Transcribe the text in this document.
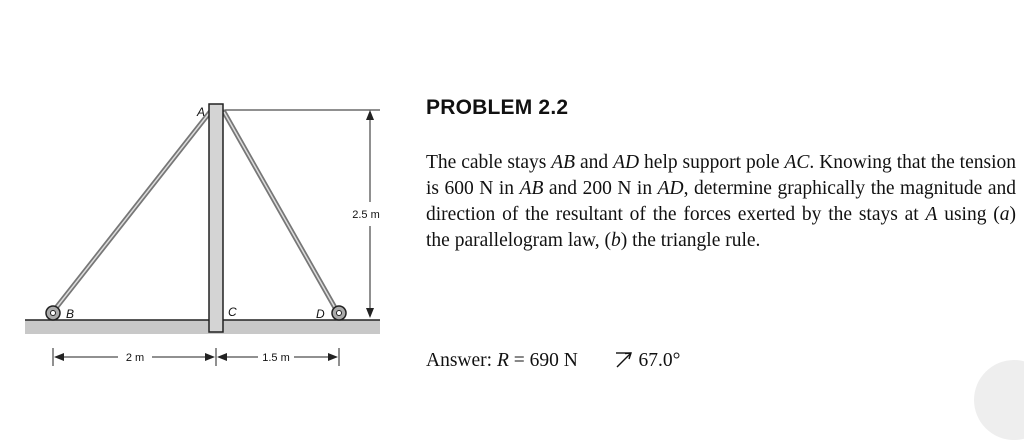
2.5 m
A
B	C	D
2 m	1.5 m
PROBLEM 2.2

The cable stays AB and AD help support pole AC. Knowing that the tension is 600 N in AB and 200 N in AD, determine graphically the magnitude and direction of the resultant of the forces exerted by the stays at A using (a) the parallelogram law, (b) the triangle rule.

Answer: R = 690 N	67.0°
